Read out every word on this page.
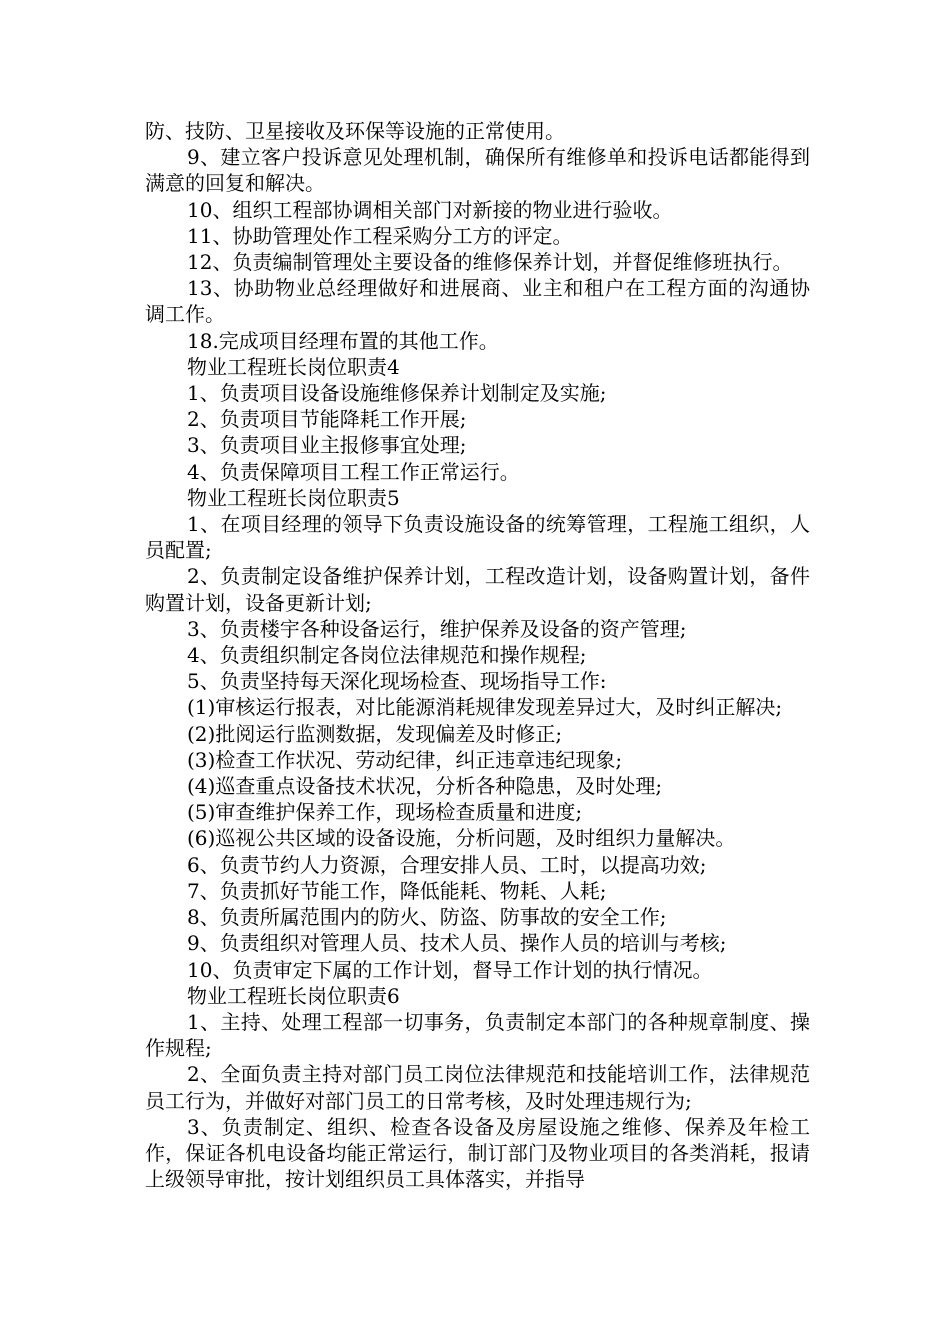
防、技防、卫星接收及环保等设施的正常使用。

9、建立客户投诉意见处理机制，确保所有维修单和投诉电话都能得到满意的回复和解决。

10、组织工程部协调相关部门对新接的物业进行验收。

11、协助管理处作工程采购分工方的评定。

12、负责编制管理处主要设备的维修保养计划，并督促维修班执行。

13、协助物业总经理做好和进展商、业主和租户在工程方面的沟通协调工作。

18.完成项目经理布置的其他工作。

物业工程班长岗位职责4

1、负责项目设备设施维修保养计划制定及实施;

2、负责项目节能降耗工作开展;

3、负责项目业主报修事宜处理;

4、负责保障项目工程工作正常运行。

物业工程班长岗位职责5

1、在项目经理的领导下负责设施设备的统筹管理，工程施工组织，人员配置;

2、负责制定设备维护保养计划，工程改造计划，设备购置计划，备件购置计划，设备更新计划;

3、负责楼宇各种设备运行，维护保养及设备的资产管理;

4、负责组织制定各岗位法律规范和操作规程;

5、负责坚持每天深化现场检查、现场指导工作:

(1)审核运行报表，对比能源消耗规律发现差异过大，及时纠正解决;

(2)批阅运行监测数据，发现偏差及时修正;

(3)检查工作状况、劳动纪律，纠正违章违纪现象;

(4)巡查重点设备技术状况，分析各种隐患，及时处理;

(5)审查维护保养工作，现场检查质量和进度;

(6)巡视公共区域的设备设施，分析问题，及时组织力量解决。

6、负责节约人力资源，合理安排人员、工时，以提高功效;

7、负责抓好节能工作，降低能耗、物耗、人耗;

8、负责所属范围内的防火、防盗、防事故的安全工作;

9、负责组织对管理人员、技术人员、操作人员的培训与考核;

10、负责审定下属的工作计划，督导工作计划的执行情况。

物业工程班长岗位职责6

1、主持、处理工程部一切事务，负责制定本部门的各种规章制度、操作规程;

2、全面负责主持对部门员工岗位法律规范和技能培训工作，法律规范员工行为，并做好对部门员工的日常考核，及时处理违规行为;

3、负责制定、组织、检查各设备及房屋设施之维修、保养及年检工作，保证各机电设备均能正常运行，制订部门及物业项目的各类消耗，报请上级领导审批，按计划组织员工具体落实，并指导
